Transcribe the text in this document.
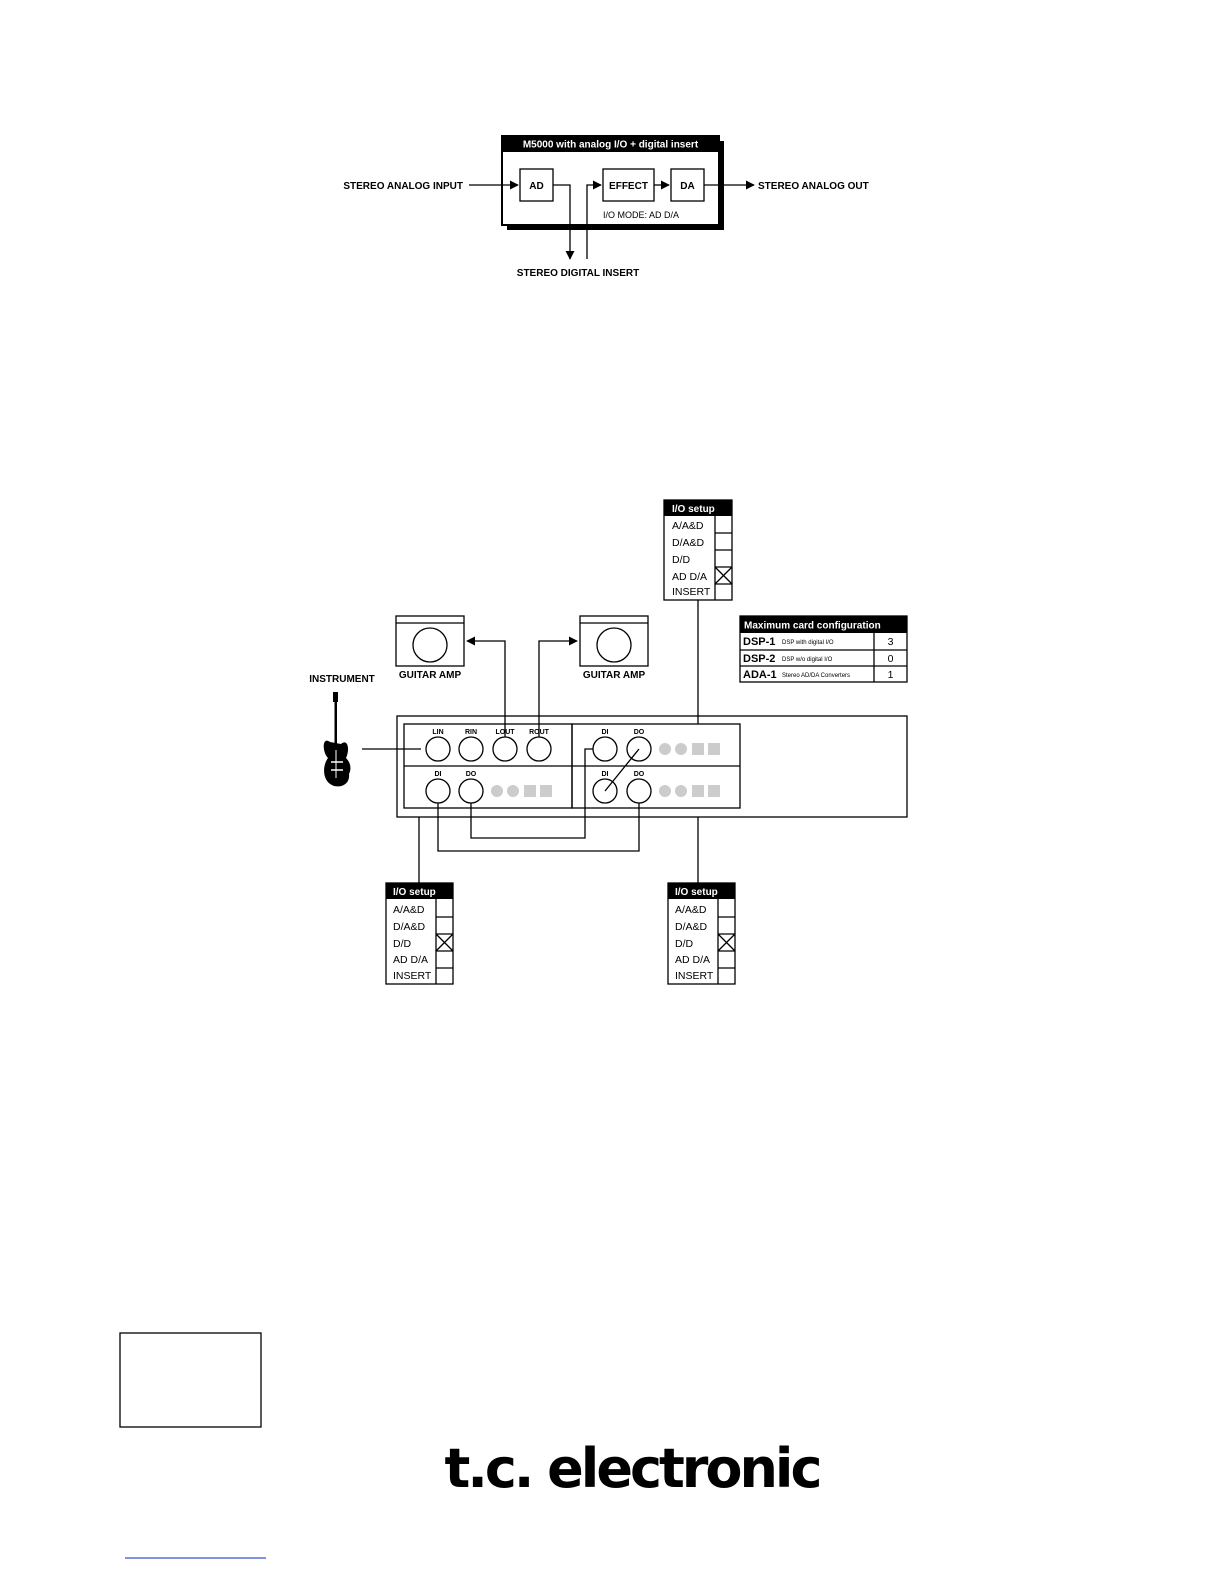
M5000 with analog I/O + digital insert
STEREO ANALOG INPUT	AD	EFFECT	DA	STEREO ANALOG OUT
I/O MODE: AD D/A
STEREO DIGITAL INSERT
I/O setup
A/A&D
D/A&D
D/D
AD D/A
INSERT
Maximum card configuration
DSP-1 DSP with digital I/O	3
DSP-2 DSP w/o digital I/O	0
ADA-1 Stereo AD/DA Converters	1
GUITAR AMP	GUITAR AMP
INSTRUMENT
LIN	RIN	LOUT ROUT
DI	DO
DI	DO
DI	DO
I/O setup
A/A&D
D/A&D
D/D
AD D/A
INSERT
I/O setup
A/A&D
D/A&D
D/D
AD D/A
INSERT
t.c. electronic
